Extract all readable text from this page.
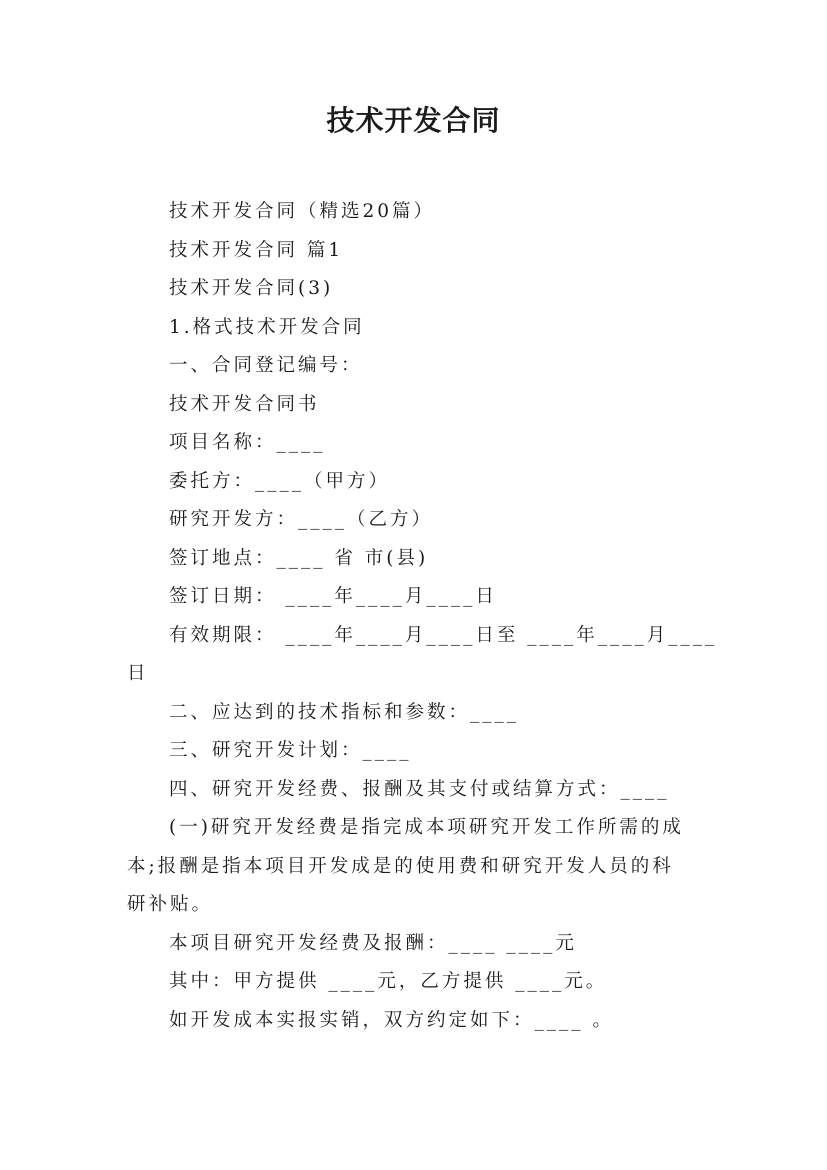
技术开发合同
技术开发合同（精选20篇）
技术开发合同 篇1
技术开发合同(3)
1.格式技术开发合同
一、合同登记编号：
技术开发合同书
项目名称：____
委托方：____（甲方）
研究开发方：____（乙方）
签订地点：____ 省 市(县)
签订日期： ____年____月____日
有效期限： ____年____月____日至 ____年____月____
日
二、应达到的技术指标和参数：____
三、研究开发计划：____
四、研究开发经费、报酬及其支付或结算方式：____
(一)研究开发经费是指完成本项研究开发工作所需的成
本;报酬是指本项目开发成是的使用费和研究开发人员的科
研补贴。
本项目研究开发经费及报酬：____ ____元
其中：甲方提供 ____元，乙方提供 ____元。
如开发成本实报实销，双方约定如下：____ 。
